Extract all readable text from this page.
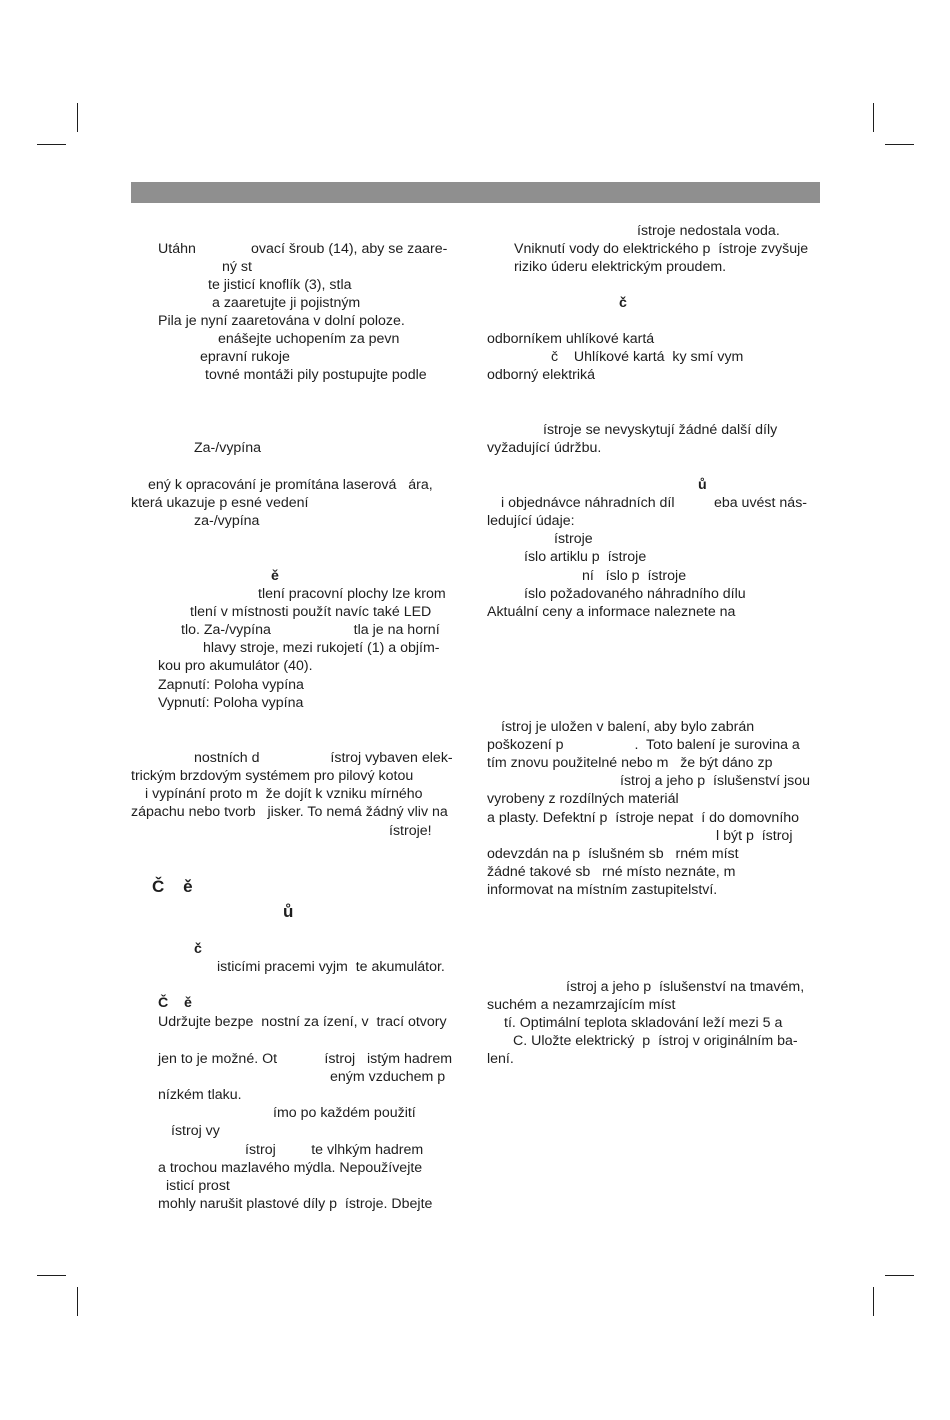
Utáhn              ovací šroub (14), aby se zaare-
ný st
te jisticí knoflík (3), stla
a zaaretujte ji pojistným
Pila je nyní zaaretována v dolní poloze.
enášejte uchopením za pevn
epravní rukoje
tovné montáži pily postupujte podle
Za-/vypína
ený k opracování je promítána laserová   ára,
která ukazuje p esné vedení
za-/vypína
ě
tlení pracovní plochy lze krom
tlení v místnosti použít navíc také LED
tlo. Za-/vypína                     tla je na horní
hlavy stroje, mezi rukojetí (1) a objím-
kou pro akumulátor (40).
Zapnutí: Poloha vypína
Vypnutí: Poloha vypína
nostních d                  ístroj vybaven elek-
trickým brzdovým systémem pro pilový kotou
i vypínání proto m  že dojít k vzniku mírného
zápachu nebo tvorb   jisker. To nemá žádný vliv na
ístroje!
Č    ě
ů
č
isticími pracemi vyjm  te akumulátor.
Č    ě
Udržujte bezpe  nostní za ízení, v  trací otvory
jen to je možné. Ot            ístroj   istým hadrem
eným vzduchem p
nízkém tlaku.
ímo po každém použití
ístroj vy
ístroj         te vlhkým hadrem
a trochou mazlavého mýdla. Nepoužívejte
isticí prost
mohly narušit plastové díly p  ístroje. Dbejte
ístroje nedostala voda.
Vniknutí vody do elektrického p  ístroje zvyšuje
riziko úderu elektrickým proudem.
č
odborníkem uhlíkové kartá
č    Uhlíkové kartá  ky smí vym
odborný elektriká
ístroje se nevyskytují žádné další díly
vyžadující údržbu.
ů
i objednávce náhradních díl          eba uvést nás-
ledující údaje:
ístroje
íslo artiklu p  ístroje
ní   íslo p  ístroje
íslo požadovaného náhradního dílu
Aktuální ceny a informace naleznete na
ístroj je uložen v balení, aby bylo zabrán
poškození p                  .  Toto balení je surovina a
tím znovu použitelné nebo m   že být dáno zp
ístroj a jeho p  íslušenství jsou
vyrobeny z rozdílných materiál
a plasty. Defektní p  ístroje nepat  í do domovního
l být p  ístroj
odevzdán na p  íslušném sb   rném míst
žádné takové sb   rné místo neznáte, m
informovat na místním zastupitelství.
ístroj a jeho p  íslušenství na tmavém,
suchém a nezamrzajícím míst
tí. Optimální teplota skladování leží mezi 5 a
C. Uložte elektrický  p  ístroj v originálním ba-
lení.
